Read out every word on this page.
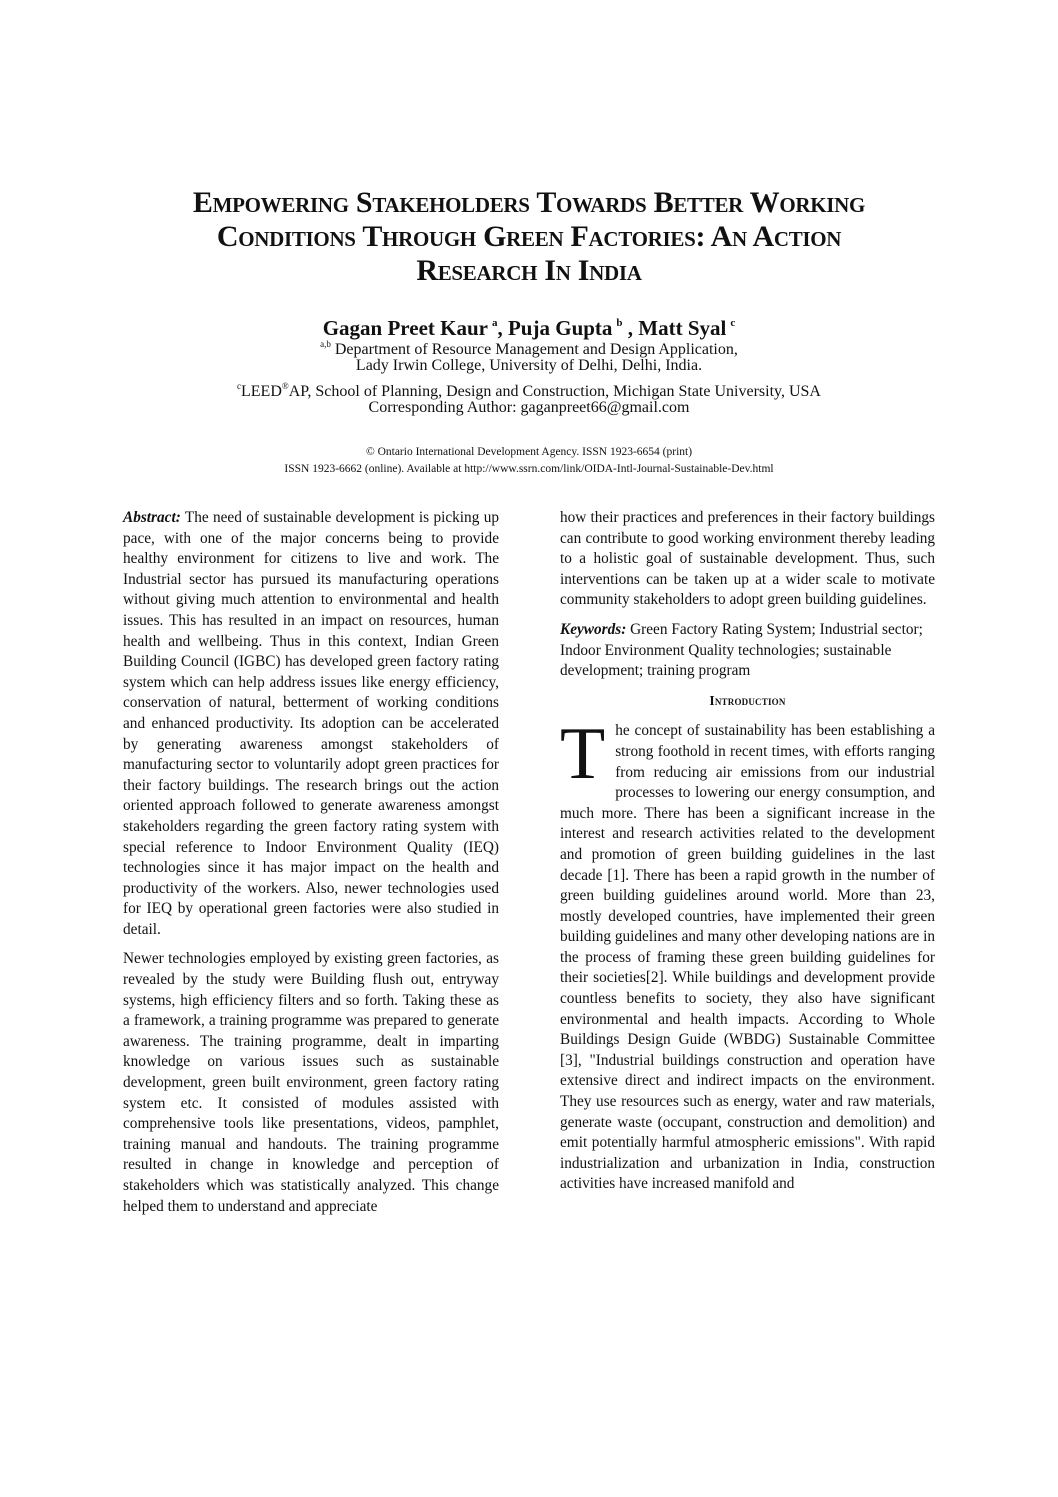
Empowering Stakeholders Towards Better Working
Conditions Through Green Factories: An Action
Research In India
Gagan Preet Kaur $^a$, Puja Gupta $^b$ , Matt Syal $^c$
$^{a,b}$ Department of Resource Management and Design Application,
Lady Irwin College, University of Delhi, Delhi, India.
$^c$LEED®AP, School of Planning, Design and Construction, Michigan State University, USA
Corresponding Author: gaganpreet66@gmail.com
© Ontario International Development Agency. ISSN 1923-6654 (print)
ISSN 1923-6662 (online). Available at http://www.ssrn.com/link/OIDA-Intl-Journal-Sustainable-Dev.html

Abstract: The need of sustainable development is picking up pace, with one of the major concerns being to provide healthy environment for citizens to live and work. The Industrial sector has pursued its manufacturing operations without giving much attention to environmental and health issues. This has resulted in an impact on resources, human health and wellbeing. Thus in this context, Indian Green Building Council (IGBC) has developed green factory rating system which can help address issues like energy efficiency, conservation of natural, betterment of working conditions and enhanced productivity. Its adoption can be accelerated by generating awareness amongst stakeholders of manufacturing sector to voluntarily adopt green practices for their factory buildings. The research brings out the action oriented approach followed to generate awareness amongst stakeholders regarding the green factory rating system with special reference to Indoor Environment Quality (IEQ) technologies since it has major impact on the health and productivity of the workers. Also, newer technologies used for IEQ by operational green factories were also studied in detail.

Newer technologies employed by existing green factories, as revealed by the study were Building flush out, entryway systems, high efficiency filters and so forth. Taking these as a framework, a training programme was prepared to generate awareness. The training programme, dealt in imparting knowledge on various issues such as sustainable development, green built environment, green factory rating system etc. It consisted of modules assisted with comprehensive tools like presentations, videos, pamphlet, training manual and handouts. The training programme resulted in change in knowledge and perception of stakeholders which was statistically analyzed. This change helped them to understand and appreciate

how their practices and preferences in their factory buildings can contribute to good working environment thereby leading to a holistic goal of sustainable development. Thus, such interventions can be taken up at a wider scale to motivate community stakeholders to adopt green building guidelines.

Keywords: Green Factory Rating System; Industrial sector; Indoor Environment Quality technologies; sustainable development; training program

Introduction

The concept of sustainability has been establishing a strong foothold in recent times, with efforts ranging from reducing air emissions from our industrial processes to lowering our energy consumption, and much more. There has been a significant increase in the interest and research activities related to the development and promotion of green building guidelines in the last decade [1]. There has been a rapid growth in the number of green building guidelines around world. More than 23, mostly developed countries, have implemented their green building guidelines and many other developing nations are in the process of framing these green building guidelines for their societies[2]. While buildings and development provide countless benefits to society, they also have significant environmental and health impacts. According to Whole Buildings Design Guide (WBDG) Sustainable Committee [3], "Industrial buildings construction and operation have extensive direct and indirect impacts on the environment. They use resources such as energy, water and raw materials, generate waste (occupant, construction and demolition) and emit potentially harmful atmospheric emissions". With rapid industrialization and urbanization in India, construction activities have increased manifold and
